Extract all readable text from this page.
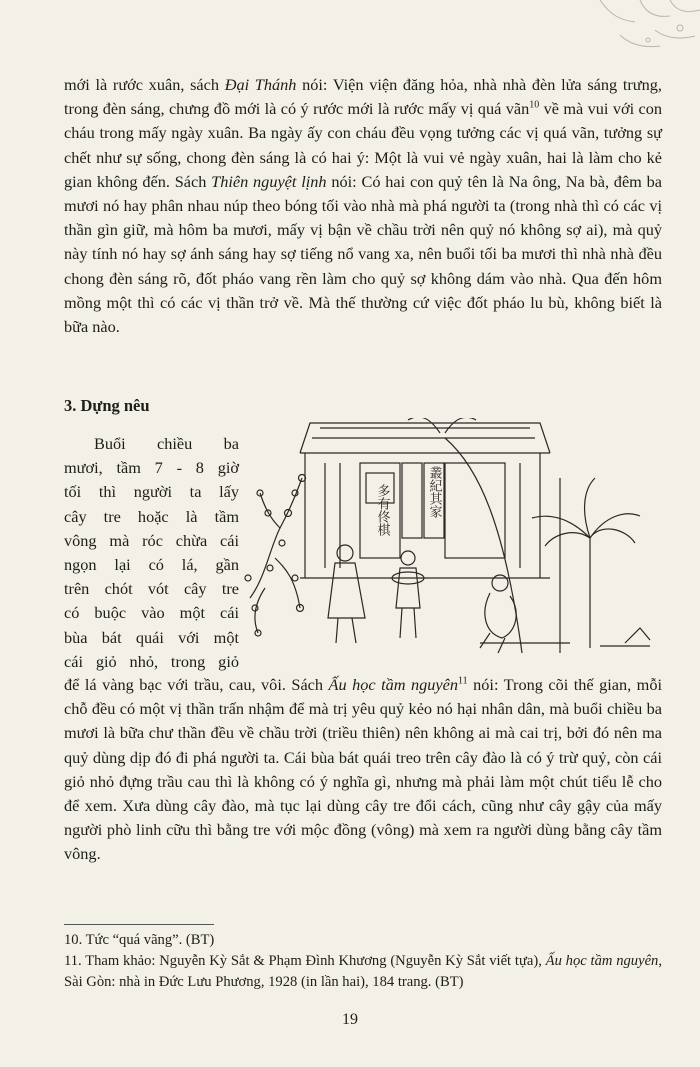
mới là rước xuân, sách Đại Thánh nói: Viện viện đăng hỏa, nhà nhà đèn lửa sáng trưng, trong đèn sáng, chưng đồ mới là có ý rước mới là rước mấy vị quá vãn$^{10}$ về mà vui với con cháu trong mấy ngày xuân. Ba ngày ấy con cháu đều vọng tưởng các vị quá vãn, tưởng sự chết như sự sống, chong đèn sáng là có hai ý: Một là vui vẻ ngày xuân, hai là làm cho kẻ gian không đến. Sách Thiên nguyệt lịnh nói: Có hai con quỷ tên là Na ông, Na bà, đêm ba mươi nó hay phân nhau núp theo bóng tối vào nhà mà phá người ta (trong nhà thì có các vị thần gìn giữ, mà hôm ba mươi, mấy vị bận về chầu trời nên quỷ nó không sợ ai), mà quỷ này tính nó hay sợ ánh sáng hay sợ tiếng nổ vang xa, nên buổi tối ba mươi thì nhà nhà đều chong đèn sáng rõ, đốt pháo vang rền làm cho quỷ sợ không dám vào nhà. Qua đến hôm mồng một thì có các vị thần trở về. Mà thế thường cứ việc đốt pháo lu bù, không biết là bữa nào.
3. Dựng nêu
Buổi chiều ba
mươi, tầm 7 - 8 giờ
tối thì người ta lấy
cây tre hoặc là tầm
vông mà róc chừa cái
ngọn lại có lá, gần
trên chót vót cây tre
có buộc vào một cái
bùa bát quái với một
cái giỏ nhỏ, trong giỏ
多有佟棋	叢紀其家
để lá vàng bạc với trầu, cau, vôi. Sách Ấu học tầm nguyên$^{11}$ nói: Trong cõi thế gian, mỗi chỗ đều có một vị thần trấn nhậm để mà trị yêu quỷ kẻo nó hại nhân dân, mà buổi chiều ba mươi là bữa chư thần đều về chầu trời (triều thiên) nên không ai mà cai trị, bởi đó nên ma quỷ dùng dịp đó đi phá người ta. Cái bùa bát quái treo trên cây đào là có ý trừ quỷ, còn cái giỏ nhỏ đựng trầu cau thì là không có ý nghĩa gì, nhưng mà phải làm một chút tiểu lễ cho để xem. Xưa dùng cây đào, mà tục lại dùng cây tre đổi cách, cũng như cây gậy của mấy người phò linh cữu thì bằng tre với mộc đồng (vông) mà xem ra người dùng bằng cây tầm vông.
10. Tức “quá vãng”. (BT)
11. Tham khảo: Nguyễn Kỳ Sắt & Phạm Đình Khương (Nguyễn Kỳ Sắt viết tựa), Ấu học tầm nguyên, Sài Gòn: nhà in Đức Lưu Phương, 1928 (in lần hai), 184 trang. (BT)
19
